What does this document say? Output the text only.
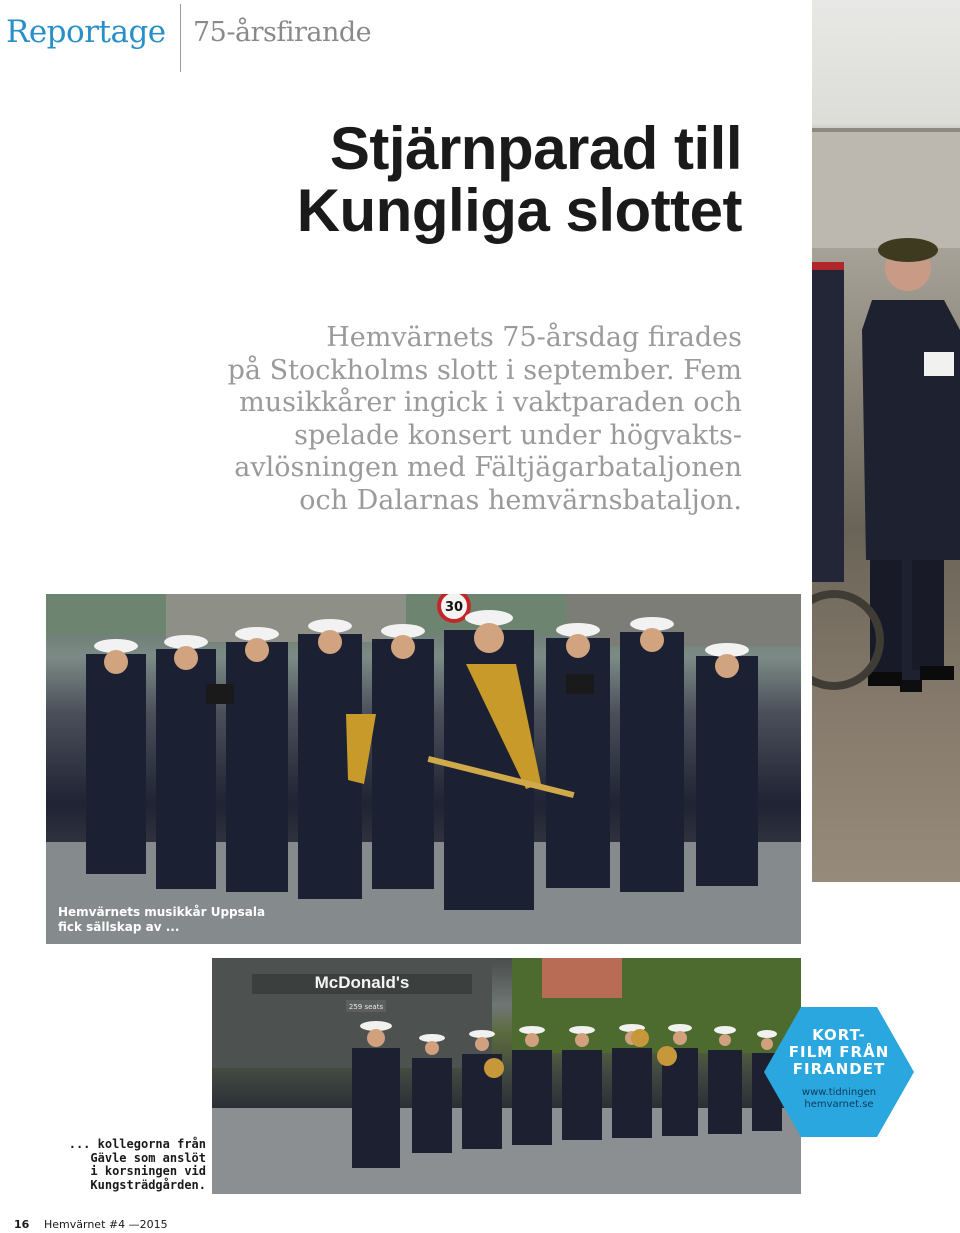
Reportage 75-årsfirande
Stjärnparad till
Kungliga slottet
Hemvärnets 75-årsdag firades
på Stockholms slott i september. Fem
musikkårer ingick i vaktparaden och
spelade konsert under högvakts-
avlösningen med Fältjägarbataljonen
och Dalarnas hemvärnsbataljon.
30
Hemvärnets musikkår Uppsala
fick sällskap av ...
McDonald's
259 seats
... kollegorna från
Gävle som anslöt
i korsningen vid
Kungsträdgården.
KORT-
FILM FRÅN
FIRANDET
www.tidningen
hemvarnet.se
16 Hemvärnet #4 —2015
